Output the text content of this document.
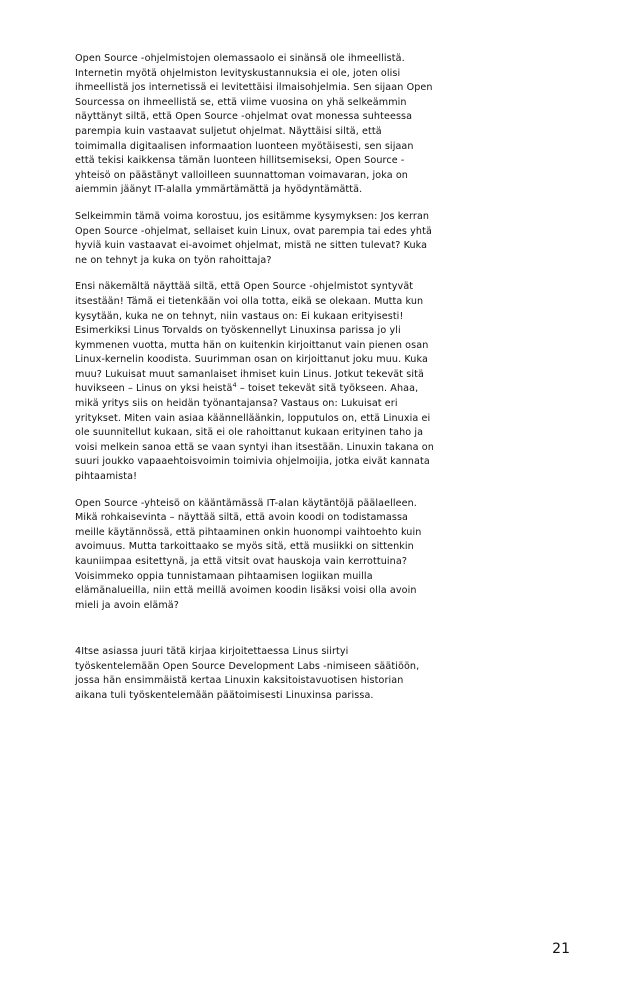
Open Source -ohjelmistojen olemassaolo ei sinänsä ole ihmeellistä. Internetin myötä ohjelmiston levityskustannuksia ei ole, joten olisi ihmeellistä jos internetissä ei levitettäisi ilmaisohjelmia. Sen sijaan Open Sourcessa on ihmeellistä se, että viime vuosina on yhä selkeämmin näyttänyt siltä, että Open Source -ohjelmat ovat monessa suhteessa parempia kuin vastaavat suljetut ohjelmat. Näyttäisi siltä, että toimimalla digitaalisen informaation luonteen myötäisesti, sen sijaan että tekisi kaikkensa tämän luonteen hillitsemiseksi, Open Source -yhteisö on päästänyt valloilleen suunnattoman voimavaran, joka on aiemmin jäänyt IT-alalla ymmärtämättä ja hyödyntämättä.

Selkeimmin tämä voima korostuu, jos esitämme kysymyksen: Jos kerran Open Source -ohjelmat, sellaiset kuin Linux, ovat parempia tai edes yhtä hyviä kuin vastaavat ei-avoimet ohjelmat, mistä ne sitten tulevat? Kuka ne on tehnyt ja kuka on työn rahoittaja?

Ensi näkemältä näyttää siltä, että Open Source -ohjelmistot syntyvät itsestään! Tämä ei tietenkään voi olla totta, eikä se olekaan. Mutta kun kysytään, kuka ne on tehnyt, niin vastaus on: Ei kukaan erityisesti! Esimerkiksi Linus Torvalds on työskennellyt Linuxinsa parissa jo yli kymmenen vuotta, mutta hän on kuitenkin kirjoittanut vain pienen osan Linux-kernelin koodista. Suurimman osan on kirjoittanut joku muu. Kuka muu? Lukuisat muut samanlaiset ihmiset kuin Linus. Jotkut tekevät sitä huvikseen – Linus on yksi heistä$^4$ – toiset tekevät sitä työkseen. Ahaa, mikä yritys siis on heidän työnantajansa? Vastaus on: Lukuisat eri yritykset. Miten vain asiaa käännelläänkin, lopputulos on, että Linuxia ei ole suunnitellut kukaan, sitä ei ole rahoittanut kukaan erityinen taho ja voisi melkein sanoa että se vaan syntyi ihan itsestään. Linuxin takana on suuri joukko vapaaehtoisvoimin toimivia ohjelmoijia, jotka eivät kannata pihtaamista!

Open Source -yhteisö on kääntämässä IT-alan käytäntöjä päälaelleen. Mikä rohkaisevinta – näyttää siltä, että avoin koodi on todistamassa meille käytännössä, että pihtaaminen onkin huonompi vaihtoehto kuin avoimuus. Mutta tarkoittaako se myös sitä, että musiikki on sittenkin kauniimpaa esitettynä, ja että vitsit ovat hauskoja vain kerrottuina? Voisimmeko oppia tunnistamaan pihtaamisen logiikan muilla elämänalueilla, niin että meillä avoimen koodin lisäksi voisi olla avoin mieli ja avoin elämä?

4Itse asiassa juuri tätä kirjaa kirjoitettaessa Linus siirtyi työskentelemään Open Source Development Labs -nimiseen säätiöön, jossa hän ensimmäistä kertaa Linuxin kaksitoistavuotisen historian aikana tuli työskentelemään päätoimisesti Linuxinsa parissa.

21
